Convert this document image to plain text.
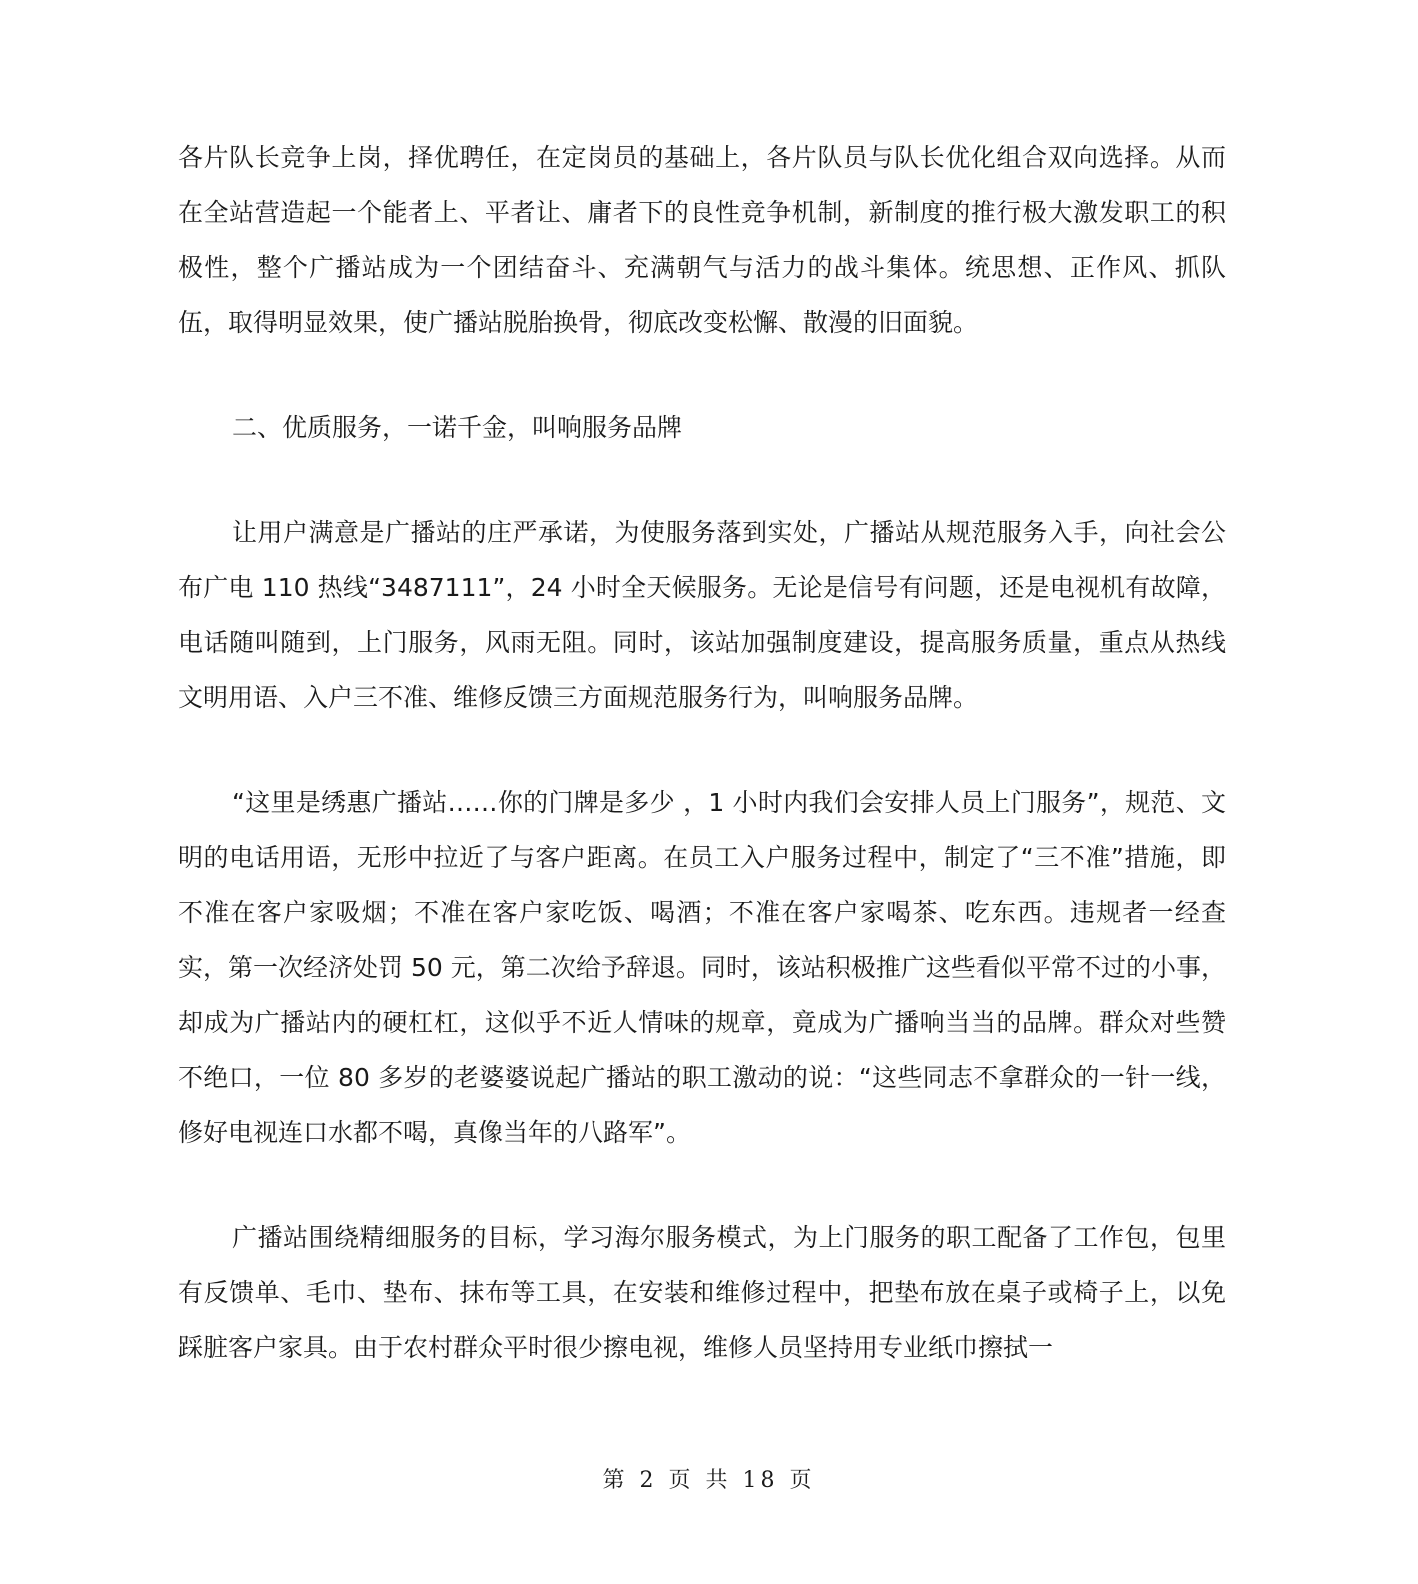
各片队长竞争上岗，择优聘任，在定岗员的基础上，各片队员与队长优化组合双向选择。从而在全站营造起一个能者上、平者让、庸者下的良性竞争机制，新制度的推行极大激发职工的积极性，整个广播站成为一个团结奋斗、充满朝气与活力的战斗集体。统思想、正作风、抓队伍，取得明显效果，使广播站脱胎换骨，彻底改变松懈、散漫的旧面貌。

二、优质服务，一诺千金，叫响服务品牌

让用户满意是广播站的庄严承诺，为使服务落到实处，广播站从规范服务入手，向社会公布广电 110 热线“3487111”，24 小时全天候服务。无论是信号有问题，还是电视机有故障，电话随叫随到，上门服务，风雨无阻。同时，该站加强制度建设，提高服务质量，重点从热线文明用语、入户三不准、维修反馈三方面规范服务行为，叫响服务品牌。

“这里是绣惠广播站……你的门牌是多少 ，1 小时内我们会安排人员上门服务”，规范、文明的电话用语，无形中拉近了与客户距离。在员工入户服务过程中，制定了“三不准”措施，即不准在客户家吸烟；不准在客户家吃饭、喝酒；不准在客户家喝茶、吃东西。违规者一经查实，第一次经济处罚 50 元，第二次给予辞退。同时，该站积极推广这些看似平常不过的小事，却成为广播站内的硬杠杠，这似乎不近人情味的规章，竟成为广播响当当的品牌。群众对些赞不绝口，一位 80 多岁的老婆婆说起广播站的职工激动的说：“这些同志不拿群众的一针一线，修好电视连口水都不喝，真像当年的八路军”。

广播站围绕精细服务的目标，学习海尔服务模式，为上门服务的职工配备了工作包，包里有反馈单、毛巾、垫布、抹布等工具，在安装和维修过程中，把垫布放在桌子或椅子上，以免踩脏客户家具。由于农村群众平时很少擦电视，维修人员坚持用专业纸巾擦拭一

第 2 页 共 18 页
